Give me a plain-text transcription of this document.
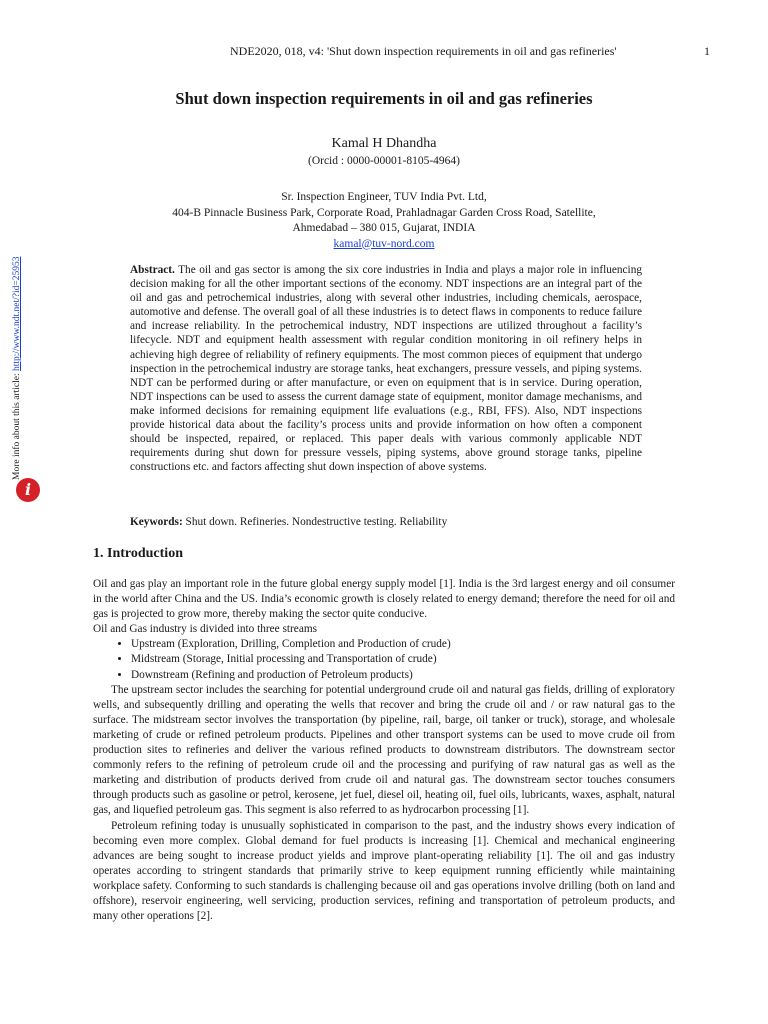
NDE2020, 018, v4: 'Shut down inspection requirements in oil and gas refineries'	1
Shut down inspection requirements in oil and gas refineries
Kamal H Dhandha
(Orcid : 0000-00001-8105-4964)
Sr. Inspection Engineer, TUV India Pvt. Ltd,
404-B Pinnacle Business Park, Corporate Road, Prahladnagar Garden Cross Road, Satellite,
Ahmedabad – 380 015, Gujarat, INDIA
kamal@tuv-nord.com

Abstract. The oil and gas sector is among the six core industries in India and plays a major role in influencing decision making for all the other important sections of the economy. NDT inspections are an integral part of the oil and gas and petrochemical industries, along with several other industries, including chemicals, aerospace, automotive and defense. The overall goal of all these industries is to detect flaws in components to reduce failure and increase reliability. In the petrochemical industry, NDT inspections are utilized throughout a facility’s lifecycle. NDT and equipment health assessment with regular condition monitoring in oil refinery helps in achieving high degree of reliability of refinery equipments. The most common pieces of equipment that undergo inspection in the petrochemical industry are storage tanks, heat exchangers, pressure vessels, and piping systems. NDT can be performed during or after manufacture, or even on equipment that is in service. During operation, NDT inspections can be used to assess the current damage state of equipment, monitor damage mechanisms, and make informed decisions for remaining equipment life evaluations (e.g., RBI, FFS). Also, NDT inspections provide historical data about the facility’s process units and provide information on how often a component should be inspected, repaired, or replaced. This paper deals with various commonly applicable NDT requirements during shut down for pressure vessels, piping systems, above ground storage tanks, pipeline constructions etc. and factors affecting shut down inspection of above systems.

Keywords: Shut down. Refineries. Nondestructive testing. Reliability

1. Introduction

Oil and gas play an important role in the future global energy supply model [1]. India is the 3rd largest energy and oil consumer in the world after China and the US. India’s economic growth is closely related to energy demand; therefore the need for oil and gas is projected to grow more, thereby making the sector quite conducive.

Oil and Gas industry is divided into three streams

• Upstream (Exploration, Drilling, Completion and Production of crude)
• Midstream (Storage, Initial processing and Transportation of crude)
• Downstream (Refining and production of Petroleum products)

The upstream sector includes the searching for potential underground crude oil and natural gas fields, drilling of exploratory wells, and subsequently drilling and operating the wells that recover and bring the crude oil and / or raw natural gas to the surface. The midstream sector involves the transportation (by pipeline, rail, barge, oil tanker or truck), storage, and wholesale marketing of crude or refined petroleum products. Pipelines and other transport systems can be used to move crude oil from production sites to refineries and deliver the various refined products to downstream distributors. The downstream sector commonly refers to the refining of petroleum crude oil and the processing and purifying of raw natural gas as well as the marketing and distribution of products derived from crude oil and natural gas. The downstream sector touches consumers through products such as gasoline or petrol, kerosene, jet fuel, diesel oil, heating oil, fuel oils, lubricants, waxes, asphalt, natural gas, and liquefied petroleum gas. This segment is also referred to as hydrocarbon processing [1].

Petroleum refining today is unusually sophisticated in comparison to the past, and the industry shows every indication of becoming even more complex. Global demand for fuel products is increasing [1]. Chemical and mechanical engineering advances are being sought to increase product yields and improve plant-operating reliability [1]. The oil and gas industry operates according to stringent standards that primarily strive to keep equipment running efficiently while maintaining workplace safety. Conforming to such standards is challenging because oil and gas operations involve drilling (both on land and offshore), reservoir engineering, well servicing, production services, refining and transportation of petroleum products, and many other operations [2].

More info about this article: http://www.ndt.net/?id=25953
i
